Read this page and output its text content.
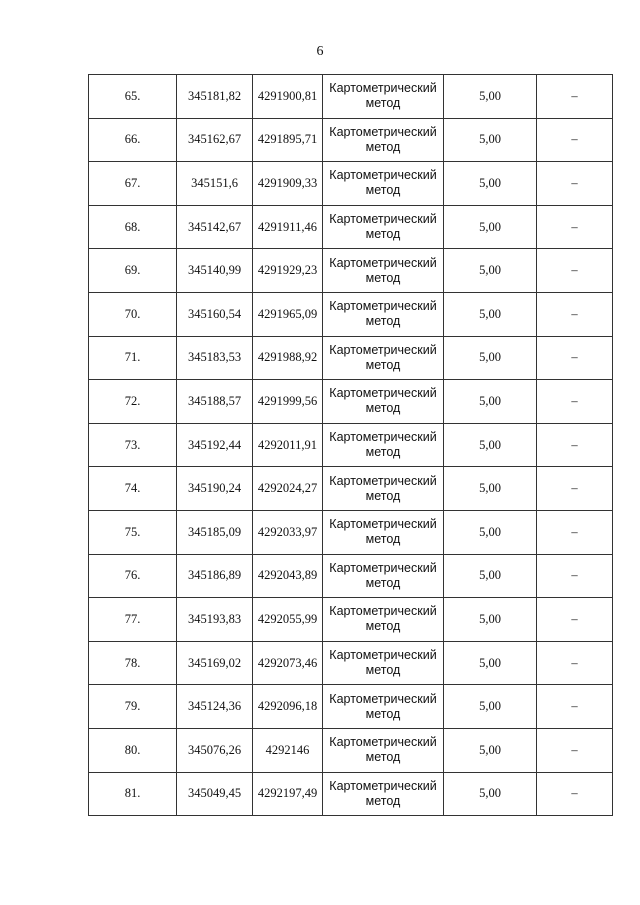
6
65.	345181,82	4291900,81	Картометрический
метод	5,00	–
66.	345162,67	4291895,71	Картометрический
метод	5,00	–
67.	345151,6	4291909,33	Картометрический
метод	5,00	–
68.	345142,67	4291911,46	Картометрический
метод	5,00	–
69.	345140,99	4291929,23	Картометрический
метод	5,00	–
70.	345160,54	4291965,09	Картометрический
метод	5,00	–
71.	345183,53	4291988,92	Картометрический
метод	5,00	–
72.	345188,57	4291999,56	Картометрический
метод	5,00	–
73.	345192,44	4292011,91	Картометрический
метод	5,00	–
74.	345190,24	4292024,27	Картометрический
метод	5,00	–
75.	345185,09	4292033,97	Картометрический
метод	5,00	–
76.	345186,89	4292043,89	Картометрический
метод	5,00	–
77.	345193,83	4292055,99	Картометрический
метод	5,00	–
78.	345169,02	4292073,46	Картометрический
метод	5,00	–
79.	345124,36	4292096,18	Картометрический
метод	5,00	–
80.	345076,26	4292146	Картометрический
метод	5,00	–
81.	345049,45	4292197,49	Картометрический
метод	5,00	–
